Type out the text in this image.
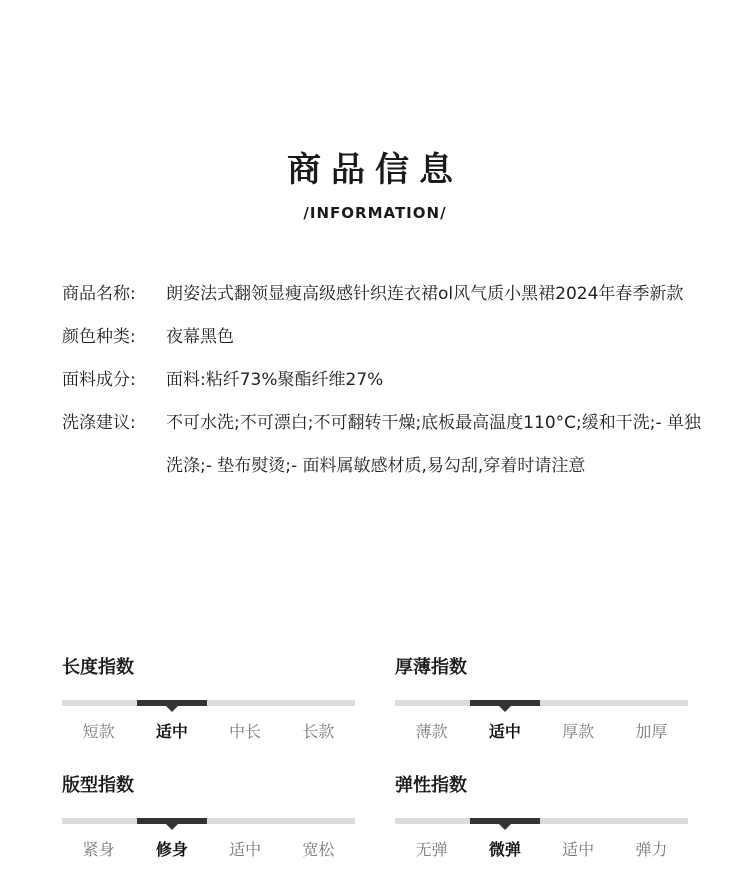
商品信息
/INFORMATION/
商品名称:	朗姿法式翻领显瘦高级感针织连衣裙ol风气质小黑裙2024年春季新款
颜色种类:	夜幕黑色
面料成分:	面料:粘纤73%聚酯纤维27%
洗涤建议:	不可水洗;不可漂白;不可翻转干燥;底板最高温度110°C;缓和干洗;- 单独洗涤;- 垫布熨烫;- 面料属敏感材质,易勾刮,穿着时请注意
长度指数
短款	适中	中长	长款
厚薄指数
薄款	适中	厚款	加厚
版型指数
紧身	修身	适中	宽松
弹性指数
无弹	微弹	适中	弹力
